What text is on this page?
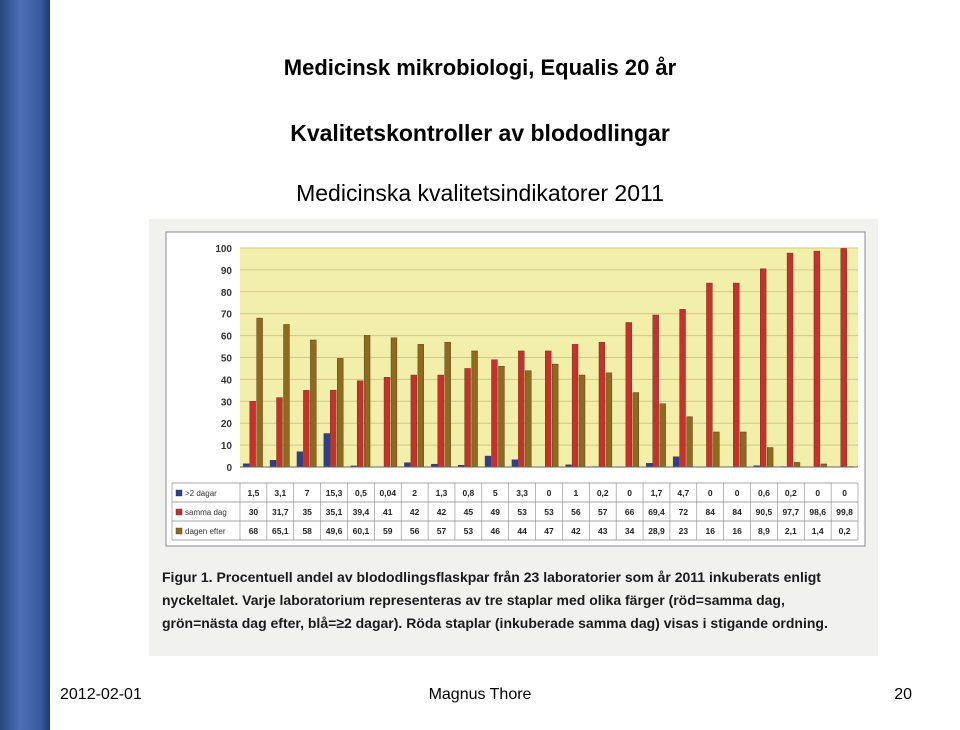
Medicinsk mikrobiologi, Equalis 20 år
Kvalitetskontroller av blododlingar
Medicinska kvalitetsindikatorer 2011
0
10
20
30
40
50
60
70
80
90
100
>2 dagar	1,5 3,1 7 15,3 0,5 0,04 2 1,3 0,8 5 3,3 0	1 0,2 0 1,7 4,7 0	0 0,6 0,2 0	0
samma dag	30 31,7 35 35,1 39,4 41 42 42 45 49 53 53 56 57 66 69,4 72 84 84 90,5 97,7 98,6 99,8
dagen efter	68 65,1 58 49,6 60,1 59 56 57 53 46 44 47 42 43 34 28,9 23 16 16 8,9 2,1 1,4 0,2
Figur 1. Procentuell andel av blododlingsflaskpar från 23 laboratorier som år 2011 inkuberats enligt nyckeltalet. Varje laboratorium representeras av tre staplar med olika färger (röd=samma dag, grön=nästa dag efter, blå=≥2 dagar). Röda staplar (inkuberade samma dag) visas i stigande ordning.
2012-02-01	Magnus Thore	20
